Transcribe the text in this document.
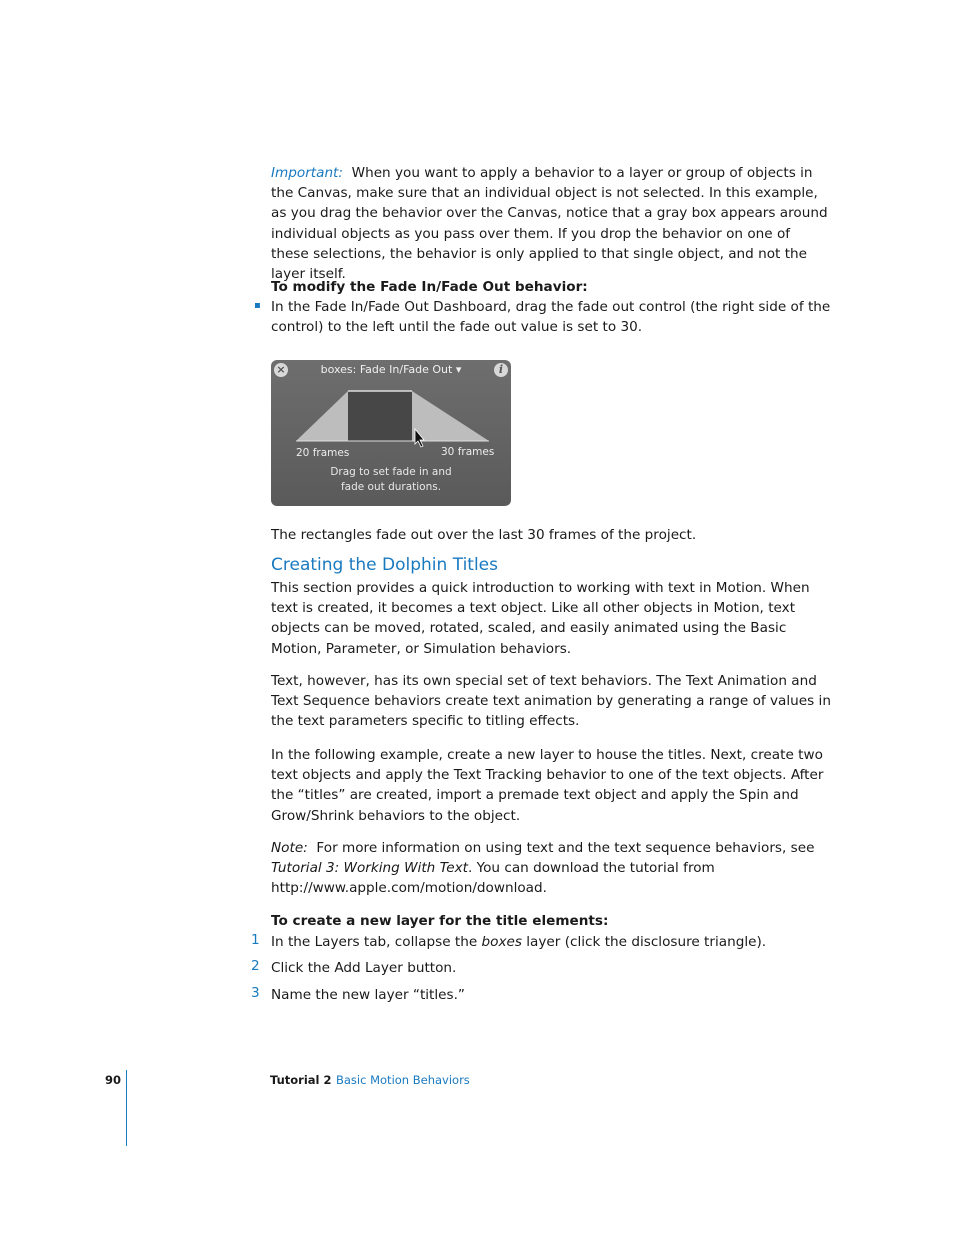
Important: When you want to apply a behavior to a layer or group of objects in the Canvas, make sure that an individual object is not selected. In this example, as you drag the behavior over the Canvas, notice that a gray box appears around individual objects as you pass over them. If you drop the behavior on one of these selections, the behavior is only applied to that single object, and not the layer itself.

To modify the Fade In/Fade Out behavior:

▪ In the Fade In/Fade Out Dashboard, drag the fade out control (the right side of the control) to the left until the fade out value is set to 30.

×	boxes: Fade In/Fade Out ▾	i
20 frames	30 frames
Drag to set fade in and
fade out durations.

The rectangles fade out over the last 30 frames of the project.

Creating the Dolphin Titles

This section provides a quick introduction to working with text in Motion. When text is created, it becomes a text object. Like all other objects in Motion, text objects can be moved, rotated, scaled, and easily animated using the Basic Motion, Parameter, or Simulation behaviors.

Text, however, has its own special set of text behaviors. The Text Animation and Text Sequence behaviors create text animation by generating a range of values in the text parameters specific to titling effects.

In the following example, create a new layer to house the titles. Next, create two text objects and apply the Text Tracking behavior to one of the text objects. After the “titles” are created, import a premade text object and apply the Spin and Grow/Shrink behaviors to the object.

Note: For more information on using text and the text sequence behaviors, see Tutorial 3: Working With Text. You can download the tutorial from http://www.apple.com/motion/download.

To create a new layer for the title elements:

1 In the Layers tab, collapse the boxes layer (click the disclosure triangle).

2 Click the Add Layer button.

3 Name the new layer “titles.”

90	Tutorial 2 Basic Motion Behaviors
